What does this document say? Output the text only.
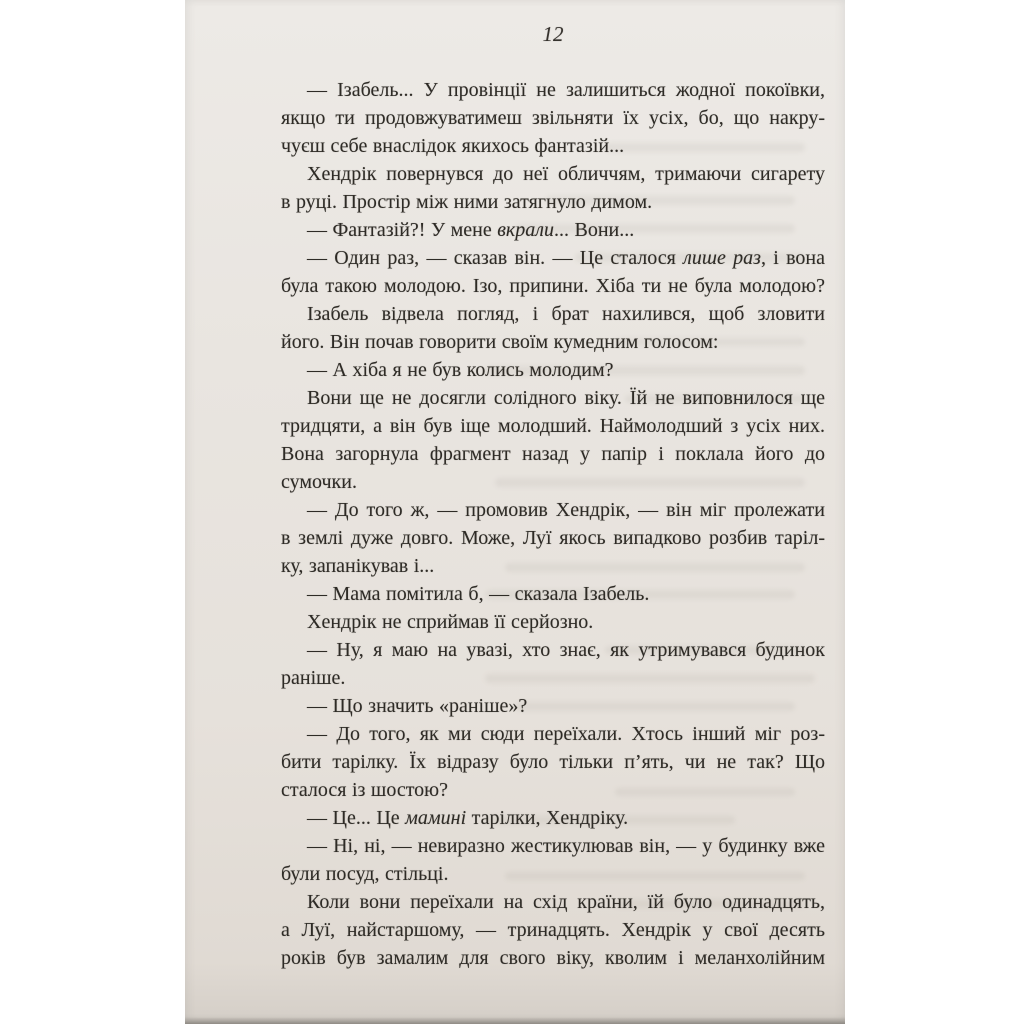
12
— Ізабель... У провінції не залишиться жодної покоївки,
якщо ти продовжуватимеш звільняти їх усіх, бо, що накру-
чуєш себе внаслідок якихось фантазій...
Хендрік повернувся до неї обличчям, тримаючи сигарету
в руці. Простір між ними затягнуло димом.
— Фантазій?! У мене вкрали... Вони...
— Один раз, — сказав він. — Це сталося лише раз, і вона
була такою молодою. Ізо, припини. Хіба ти не була молодою?
Ізабель відвела погляд, і брат нахилився, щоб зловити
його. Він почав говорити своїм кумедним голосом:
— А хіба я не був колись молодим?
Вони ще не досягли солідного віку. Їй не виповнилося ще
тридцяти, а він був іще молодший. Наймолодший з усіх них.
Вона загорнула фрагмент назад у папір і поклала його до
сумочки.
— До того ж, — промовив Хендрік, — він міг пролежати
в землі дуже довго. Може, Луї якось випадково розбив таріл-
ку, запанікував і...
— Мама помітила б, — сказала Ізабель.
Хендрік не сприймав її серйозно.
— Ну, я маю на увазі, хто знає, як утримувався будинок
раніше.
— Що значить «раніше»?
— До того, як ми сюди переїхали. Хтось інший міг роз-
бити тарілку. Їх відразу було тільки п’ять, чи не так? Що
сталося із шостою?
— Це... Це мамині тарілки, Хендріку.
— Ні, ні, — невиразно жестикулював він, — у будинку вже
були посуд, стільці.
Коли вони переїхали на схід країни, їй було одинадцять,
а Луї, найстаршому, — тринадцять. Хендрік у свої десять
років був замалим для свого віку, кволим і меланхолійним
